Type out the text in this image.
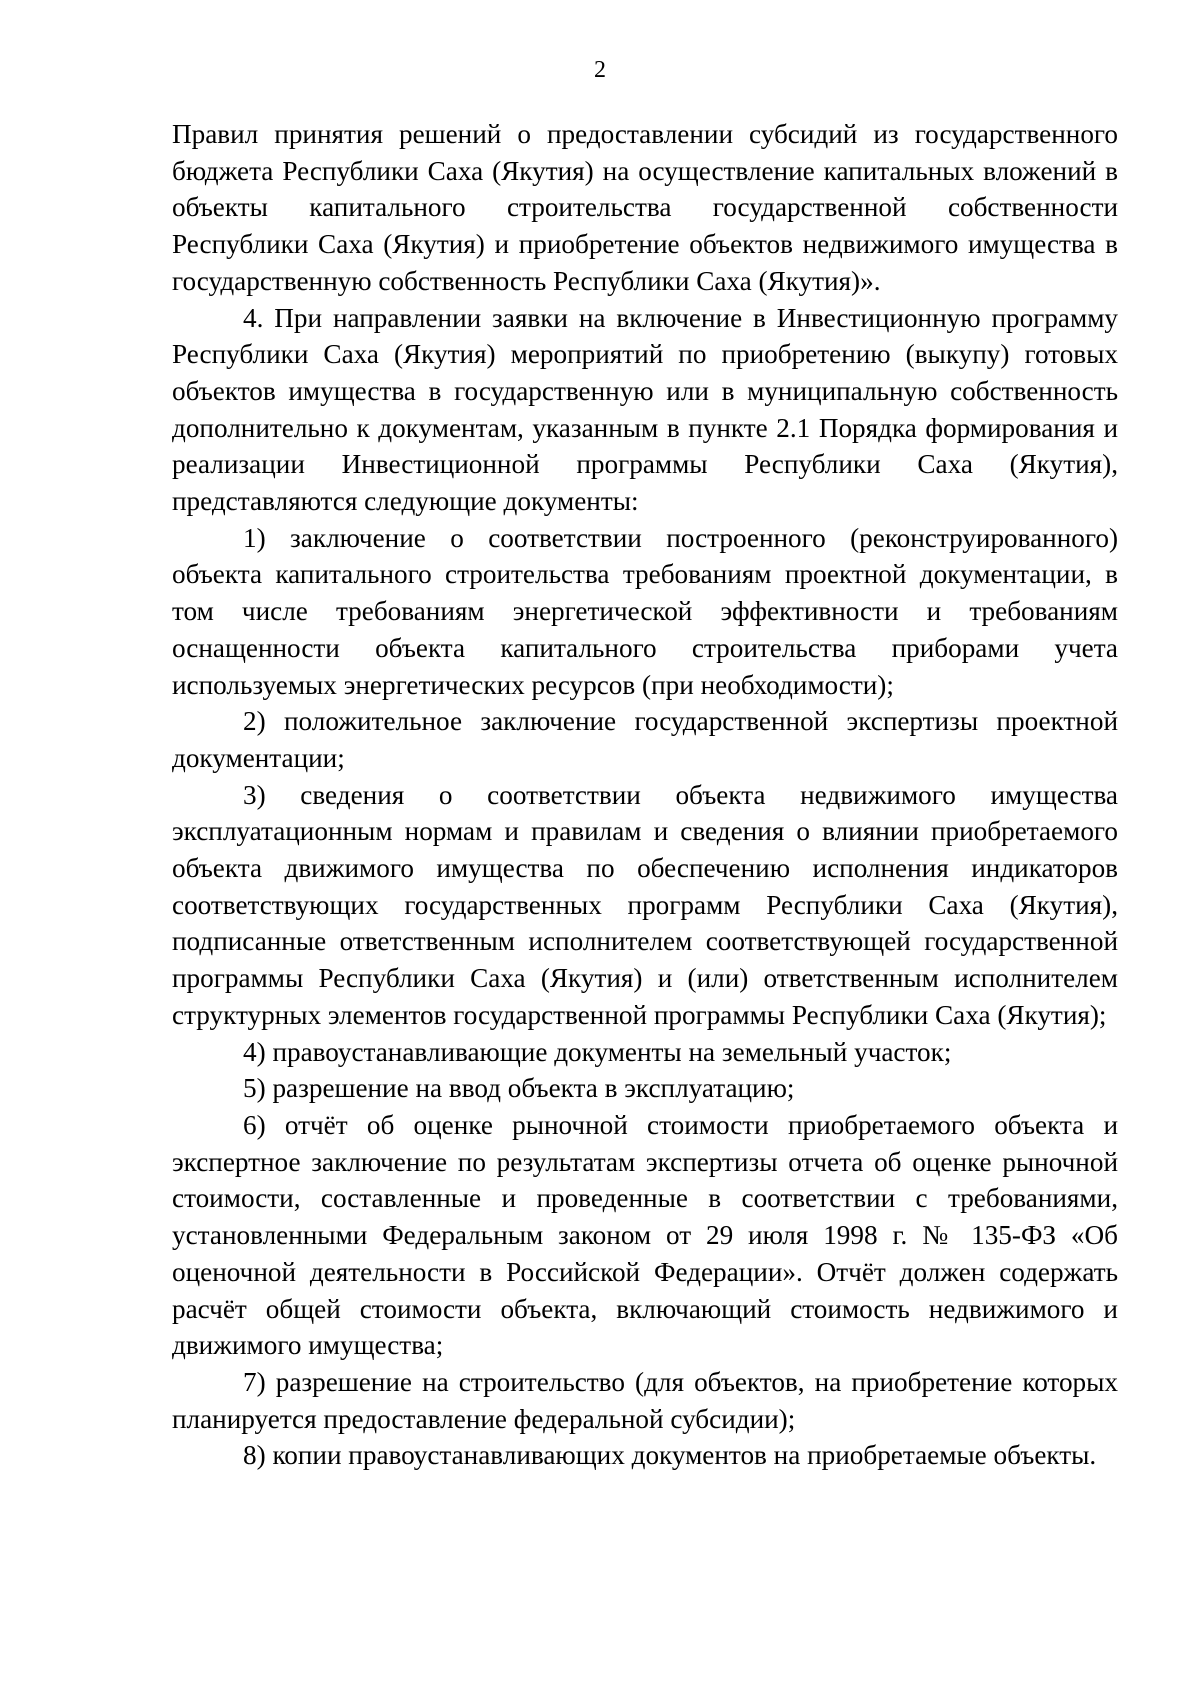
2

Правил принятия решений о предоставлении субсидий из государственного бюджета Республики Саха (Якутия) на осуществление капитальных вложений в объекты капитального строительства государственной собственности Республики Саха (Якутия) и приобретение объектов недвижимого имущества в государственную собственность Республики Саха (Якутия)».

4. При направлении заявки на включение в Инвестиционную программу Республики Саха (Якутия) мероприятий по приобретению (выкупу) готовых объектов имущества в государственную или в муниципальную собственность дополнительно к документам, указанным в пункте 2.1 Порядка формирования и реализации Инвестиционной программы Республики Саха (Якутия), представляются следующие документы:

1) заключение о соответствии построенного (реконструированного) объекта капитального строительства требованиям проектной документации, в том числе требованиям энергетической эффективности и требованиям оснащенности объекта капитального строительства приборами учета используемых энергетических ресурсов (при необходимости);

2) положительное заключение государственной экспертизы проектной документации;

3) сведения о соответствии объекта недвижимого имущества эксплуатационным нормам и правилам и сведения о влиянии приобретаемого объекта движимого имущества по обеспечению исполнения индикаторов соответствующих государственных программ Республики Саха (Якутия), подписанные ответственным исполнителем соответствующей государственной программы Республики Саха (Якутия) и (или) ответственным исполнителем структурных элементов государственной программы Республики Саха (Якутия);

4) правоустанавливающие документы на земельный участок;

5) разрешение на ввод объекта в эксплуатацию;

6) отчёт об оценке рыночной стоимости приобретаемого объекта и экспертное заключение по результатам экспертизы отчета об оценке рыночной стоимости, составленные и проведенные в соответствии с требованиями, установленными Федеральным законом от 29 июля 1998 г. № 135-ФЗ «Об оценочной деятельности в Российской Федерации». Отчёт должен содержать расчёт общей стоимости объекта, включающий стоимость недвижимого и движимого имущества;

7) разрешение на строительство (для объектов, на приобретение которых планируется предоставление федеральной субсидии);

8) копии правоустанавливающих документов на приобретаемые объекты.
